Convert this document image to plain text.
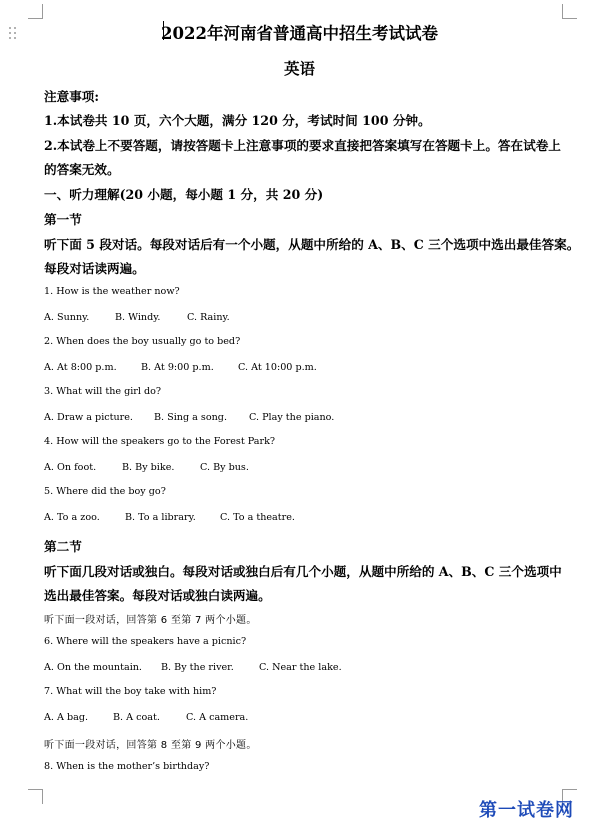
2022年河南省普通高中招生考试试卷
英语
注意事项:
1.本试卷共 10 页，六个大题，满分 120 分，考试时间 100 分钟。
2.本试卷上不要答题，请按答题卡上注意事项的要求直接把答案填写在答题卡上。答在试卷上
的答案无效。
一、听力理解(20 小题，每小题 1 分，共 20 分)
第一节
听下面 5 段对话。每段对话后有一个小题，从题中所给的 A、B、C 三个选项中选出最佳答案。
每段对话读两遍。
1. How is the weather now?
A. Sunny.	B. Windy.	C. Rainy.
2. When does the boy usually go to bed?
A. At 8:00 p.m.	B. At 9:00 p.m.	C. At 10:00 p.m.
3. What will the girl do?
A. Draw a picture. B. Sing a song. C. Play the piano.
4. How will the speakers go to the Forest Park?
A. On foot.	B. By bike.	C. By bus.
5. Where did the boy go?
A. To a zoo.	B. To a library.	C. To a theatre.
第二节
听下面几段对话或独白。每段对话或独白后有几个小题，从题中所给的 A、B、C 三个选项中
选出最佳答案。每段对话或独白读两遍。
听下面一段对话，回答第 6 至第 7 两个小题。
6. Where will the speakers have a picnic?
A. On the mountain. B. By the river.	C. Near the lake.
7. What will the boy take with him?
A. A bag.	B. A coat.	C. A camera.
听下面一段对话，回答第 8 至第 9 两个小题。
8. When is the mother’s birthday?
第一试卷网
